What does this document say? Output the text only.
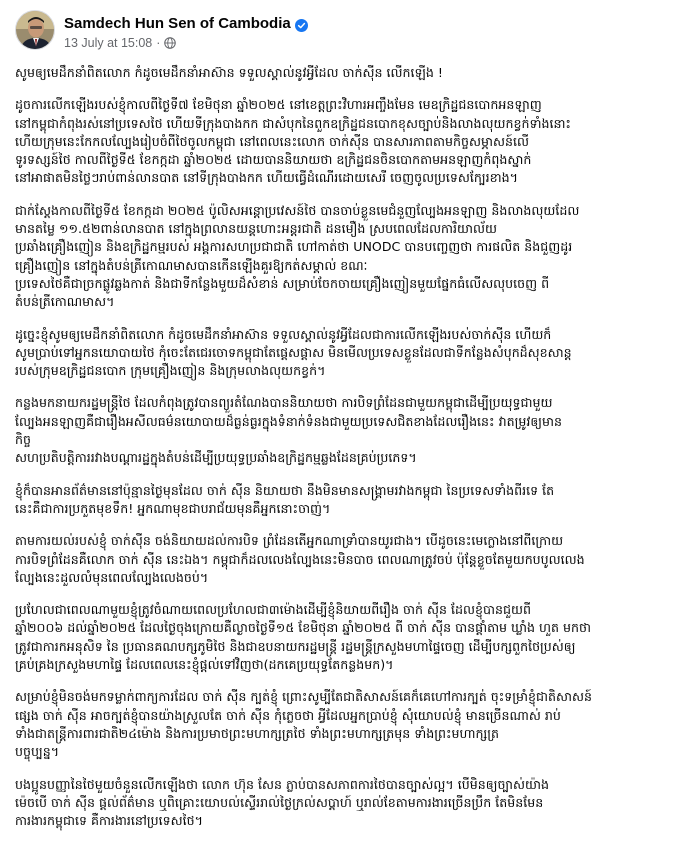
Samdech Hun Sen of Cambodia
13 July at 15:08 ·

សូមឲ្យមេដឹកនាំពិតលោក កំដូចមេដឹកនាំអាស៊ាន ទទួលស្គាល់នូវអ្វីដែល ចាក់ស៊ីន លើកឡើង !

ដូចការលើកឡើងរបស់ខ្ញុំកាលពីថ្ងៃទី៧ ខែមិថុនា ឆ្នាំ២០២៥ នៅខេត្តព្រះវិហារអញ្ចឹងមែន មេឧក្រិដ្ឋជនបោកអនឡាញ
នៅកម្ពុជាកំពុងរស់នៅប្រទេសថៃ ហើយទីក្រុងបាងកក ជាសំបុកនៃពួកឧក្រិដ្ឋជនបោកខុសច្បាប់និងលាងលុយកខ្វក់ទាំងនោះ
ហើយក្រុមនេះកែកលល្បែងរៀបចំពីថៃចូលកម្ពុជា នៅពេលនេះលោក ចាក់ស៊ីន បានសារភាពតាមកិច្ចសម្ភាសន៍លើ
ទូរទស្សន៍ថៃ កាលពីថ្ងៃទី៥ ខែកក្កដា ឆ្នាំ២០២៥ ដោយបាននិយាយថា ឧក្រិដ្ឋជនចិនបោកតាមអនឡាញកំពុងស្នាក់
នៅអាផាតមិនថ្លៃៗរាប់ពាន់លានបាត នៅទីក្រុងបាងកក ហើយធ្វើដំណើរដោយសេរី ចេញចូលប្រទេសក្បែរខាង។

ជាក់ស្តែងកាលពីថ្ងៃទី៥ ខែកក្កដា ២០២៥ ប៉ូលិសអន្តោប្រវេសន៍ថៃ បានចាប់ខ្លួនមេជំនួញល្បែងអនឡាញ និងលាងលុយដែល
មានតម្លៃ ១១.៥២ពាន់លានបាត នៅក្នុងព្រលានយន្តហោះអន្តរជាតិ ដនមឿង ស្របពេលដែលការិយាល័យ
ប្រឆាំងគ្រឿងញៀន និងឧក្រិដ្ឋកម្មរបស់ អង្គការសហប្រជាជាតិ ហៅកាត់ថា UNODC បានបញ្ចេញថា ការផលិត និងជួញដូរ
គ្រឿងញៀន នៅក្នុងតំបន់ត្រីកោណមាសបានកើនឡើងគួរឱ្យកត់សម្គាល់ ខណៈ
ប្រទេសថៃគឺជាច្រកផ្លូវឆ្លងកាត់ និងជាទីកន្លែងមួយដ៏សំខាន់ សម្រាប់ចែកចាយគ្រឿងញៀនមួយផ្នែកធំលើសលុបចេញ ពី
តំបន់ត្រីកោណមាស។

ដូច្នេះខ្ញុំសូមឲ្យមេដឹកនាំពិតលោក កំដូចមេដឹកនាំអាស៊ាន ទទួលស្គាល់នូវអ្វីដែលជាការលើកឡើងរបស់ចាក់ស៊ីន ហើយក៏
សូមប្រាប់ទៅអ្នកនយោបាយថៃ កុំចេះតែជេរចោទកម្ពុជាតែផ្តេសផ្តាស មិនមើលប្រទេសខ្លួនដែលជាទីកន្លែងសំបុកដ៏សុខសាន្ត
របស់ក្រុមឧក្រិដ្ឋជនបោក ក្រុមគ្រឿងញៀន និងក្រុមលាងលុយកខ្វក់។

កន្លងមកនាយករដ្ឋមន្ត្រីថៃ ដែលកំពុងត្រូវបានព្យួរតំណែងបាននិយាយថា ការបិទព្រំដែនជាមួយកម្ពុជាដើម្បីប្រយុទ្ធជាមួយ
ល្បែងអនឡាញគឺជារឿងអសីលធម៌នយោបាយដ៏ធ្ងន់ធ្ងរក្នុងទំនាក់ទំនងជាមួយប្រទេសជិតខាងដែលរឿងនេះ វាតម្រូវឲ្យមាន
កិច្ច
សហប្រតិបត្តិការរវាងបណ្តារដ្ឋក្នុងតំបន់ដើម្បីប្រយុទ្ធប្រឆាំងឧក្រិដ្ឋកម្មឆ្លងដែនគ្រប់ប្រភេទ។

ខ្ញុំក៏បានអានព័ត៌មាននៅប៉ុន្មានថ្ងៃមុនដែល ចាក់ ស៊ីន និយាយថា នឹងមិនមានសង្គ្រាមរវាងកម្ពុជា នៃប្រទេសទាំងពីរទេ តែ
នេះគឺជាការប្រកួតមុខទឹក! អ្នកណាមុខជាបរាជ័យមុនគឺអ្នកនោះចាញ់។

តាមការយល់របស់ខ្ញុំ ចាក់ស៊ីន ចង់និយាយដល់ការបិទ ព្រំដែនតើអ្នកណាទ្រាំបានយូរជាង។ បើដូចនេះមេក្លោងនៅពីក្រោយ
ការបិទព្រំដែនគឺលោក ចាក់ ស៊ីន នេះឯង។ កម្ពុជាក៏ដលលេងល្បែងនេះមិនបាច ពេលណាត្រូវចប់ ប៉ុន្តែខ្លួចតែមួយកបបូលលេង
ល្បែងនេះដួលលំមុនពេលល្បែងលេងចប់។

ប្រហែលជាពេលណាមួយខ្ញុំត្រូវចំណាយពេលប្រហែលជា៣ម៉ោងដើម្បីខ្ញុំនិយាយពីរឿង ចាក់ ស៊ីន ដែលខ្ញុំបានជួយពី
ឆ្នាំ២០០៦ ដល់ឆ្នាំ២០២៥ ដែលថ្ងៃចុងក្រោយគឺល្ងាចថ្ងៃទី១៥ ខែមិថុនា ឆ្នាំ២០២៥ ពី ចាក់ ស៊ីន បានផ្តាំតាម ឃ្លាំង ហួត មកថា
ត្រូវជាការកអនុសិទ នៃ ប្រធានគណបក្សភូមិថៃ និងជាឧបនាយករដ្ឋមន្ត្រី រដ្ឋមន្ត្រីក្រសួងមហាផ្ទៃចេញ ដើម្បីបក្សពួកថៃប្រស់ឲ្យ
គ្រប់គ្រងក្រសួងមហាផ្ទៃ ដែលពេលនេះខ្ញុំផ្តល់ទៅវិញថា(ដកគេប្រយុទ្ធតែកន្លងមក)។

សម្រាប់ខ្ញុំមិនចង់មកទម្លាក់ពាក្យការដែល ចាក់ ស៊ីន ក្បត់ខ្ញុំ ព្រោះសូម្បីតែជាតិសាសន៍គេក៏គេហៅការក្បត់ ចុះទម្រាំខ្ញុំជាតិសាសន៍
ផ្សេង ចាក់ ស៊ីន អាចក្បត់ខ្ញុំបានយ៉ាងស្រួលតែ ចាក់ ស៊ីន កុំភ្លេចថា អ្វីដែលអ្នកប្រាប់ខ្ញុំ សុំយោបល់ខ្ញុំ មានច្រើនណាស់ រាប់
ទាំងជាតន្ត្រីការពារជាតិ២៤ម៉ោង និងការប្រមាថព្រះមហាក្សត្រថៃ ទាំងព្រះមហាក្សត្រមុន ទាំងព្រះមហាក្សត្រ
បច្ចុប្បន្ន។

បងប្អូនបញ្ញានៃថៃមួយចំនួនលើកឡើងថា លោក ហ៊ុន សែន ភ្លាប់បានសភាពការថៃបានច្បាស់ល្អ។ បើមិនឲ្យច្បាស់យ៉ាង
ម៉េចបើ ចាក់ ស៊ីន ផ្តល់ព័ត៌មាន ឬពិគ្រោះយោបល់ស្ទើររាល់ថ្ងៃក្រល់សប្តាហ៍ ឬរាល់ខែតាមការងារច្រើនប្រឹក តែមិនមែន
ការងារកម្ពុជាទេ គឺការងារនៅប្រទេសថៃ។
